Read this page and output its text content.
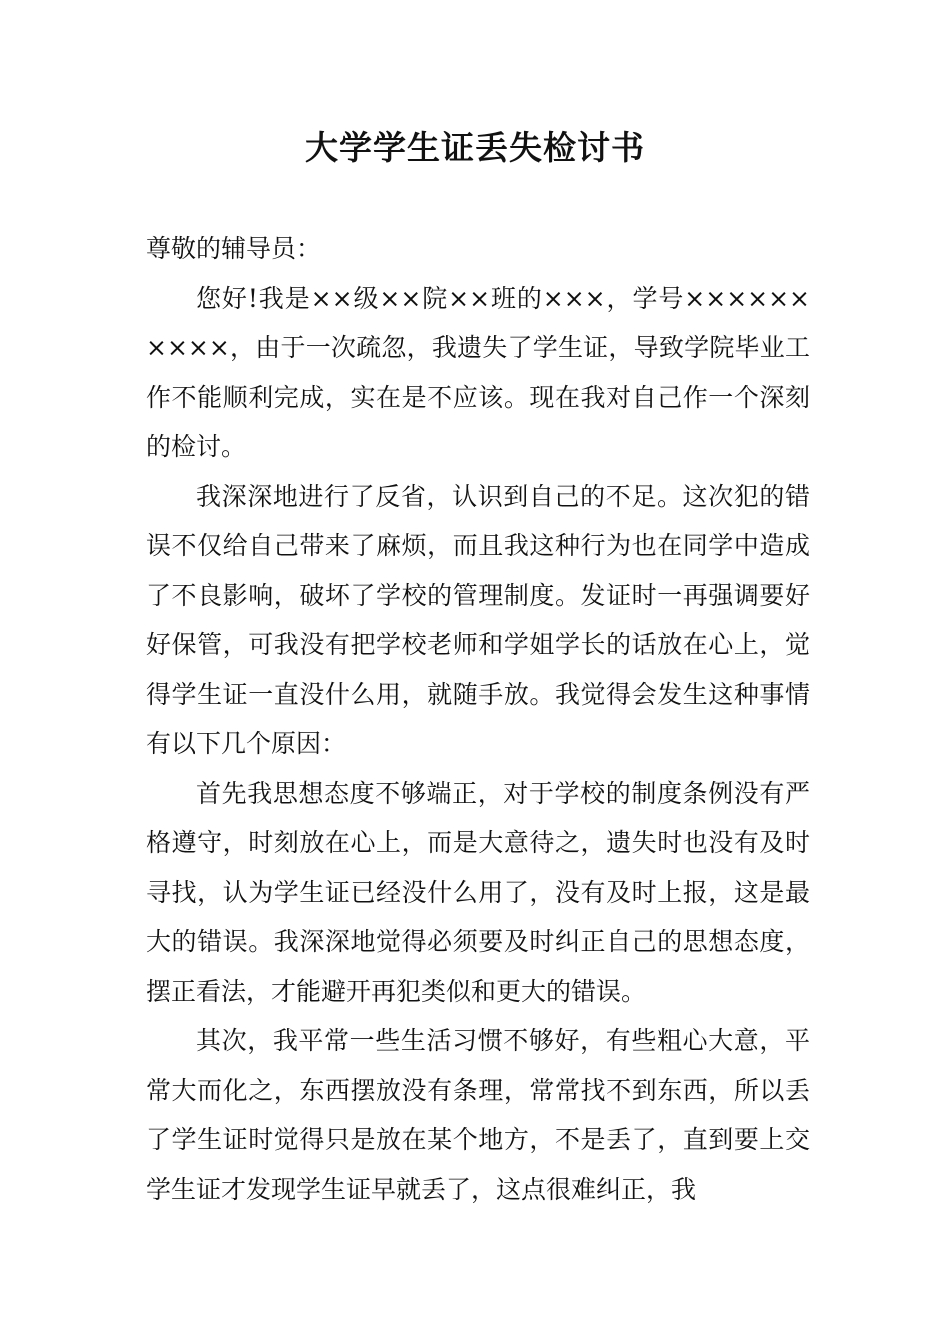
大学学生证丢失检讨书

尊敬的辅导员：

您好!我是××级××院××班的×××，学号××××××××××，由于一次疏忽，我遗失了学生证，导致学院毕业工作不能顺利完成，实在是不应该。现在我对自己作一个深刻的检讨。

我深深地进行了反省，认识到自己的不足。这次犯的错误不仅给自己带来了麻烦，而且我这种行为也在同学中造成了不良影响，破坏了学校的管理制度。发证时一再强调要好好保管，可我没有把学校老师和学姐学长的话放在心上，觉得学生证一直没什么用，就随手放。我觉得会发生这种事情有以下几个原因：

首先我思想态度不够端正，对于学校的制度条例没有严格遵守，时刻放在心上，而是大意待之，遗失时也没有及时寻找，认为学生证已经没什么用了，没有及时上报，这是最大的错误。我深深地觉得必须要及时纠正自己的思想态度，摆正看法，才能避开再犯类似和更大的错误。

其次，我平常一些生活习惯不够好，有些粗心大意，平常大而化之，东西摆放没有条理，常常找不到东西，所以丢了学生证时觉得只是放在某个地方，不是丢了，直到要上交学生证才发现学生证早就丢了，这点很难纠正，我
